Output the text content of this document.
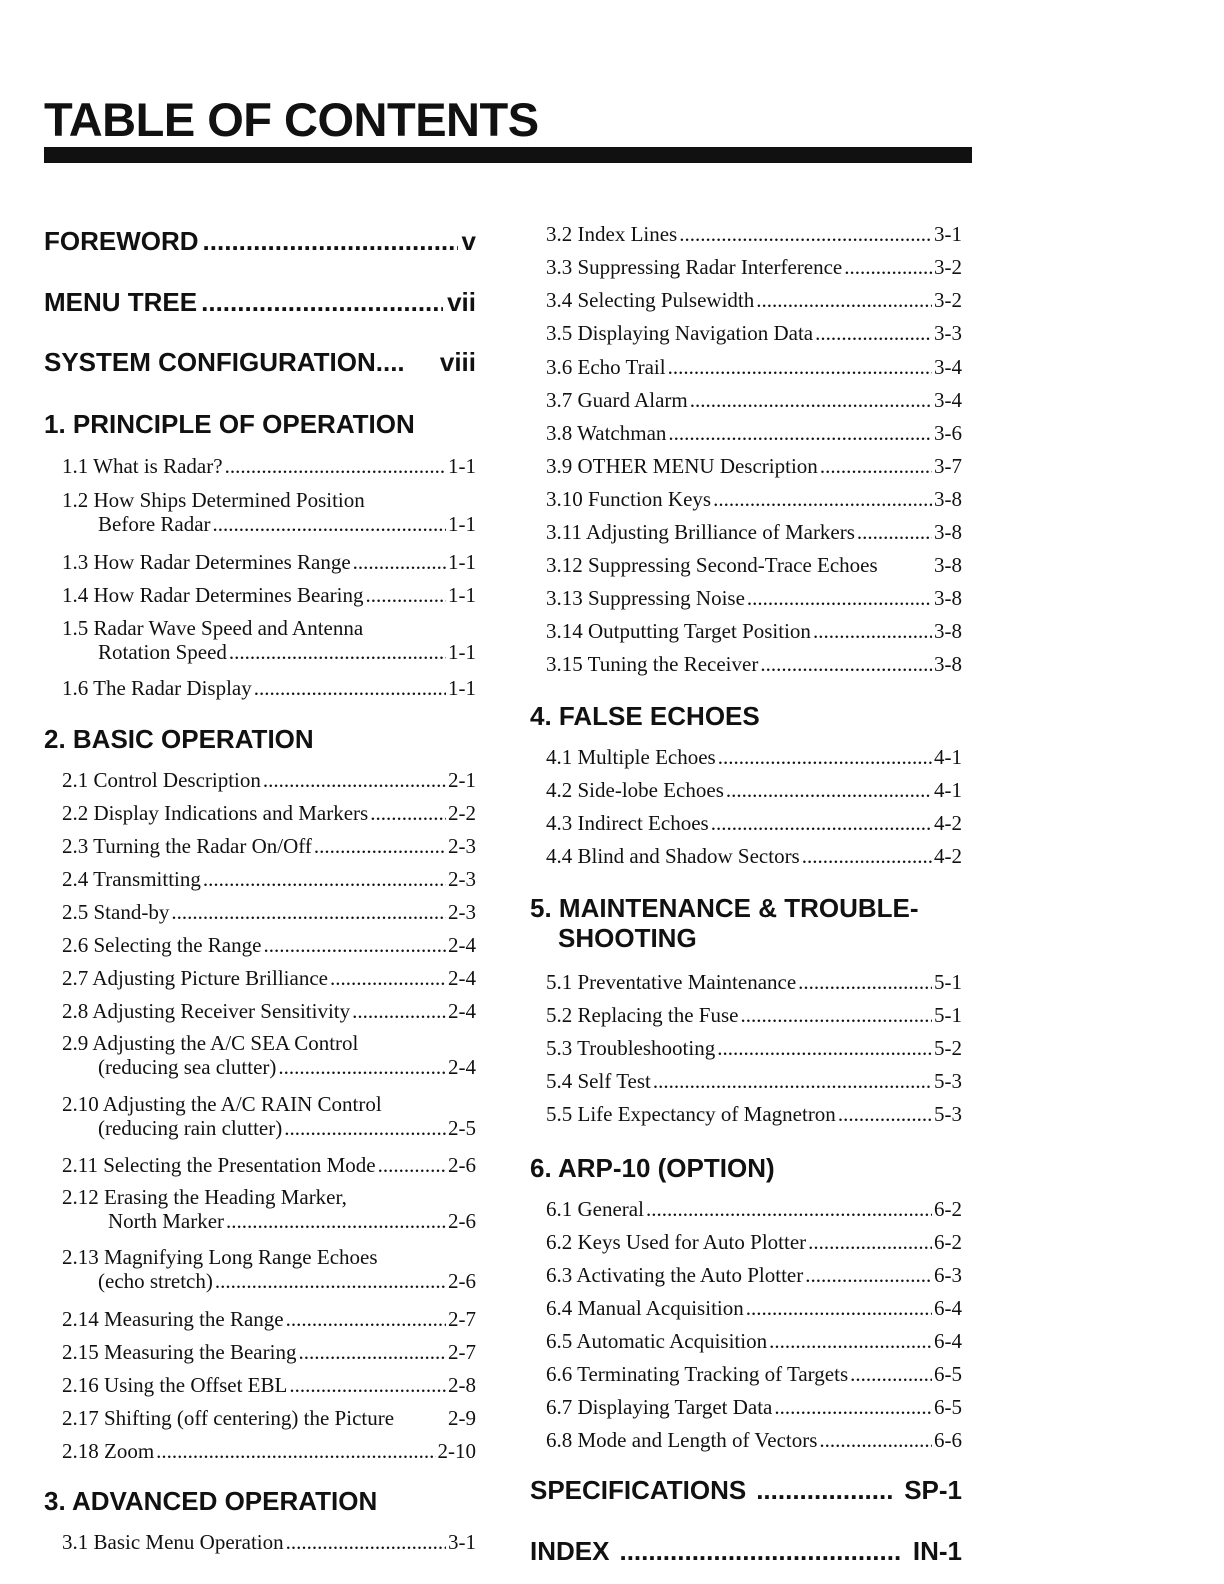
TABLE OF CONTENTS
FOREWORD .....	v
MENU TREE .....	vii
SYSTEM CONFIGURATION.... viii
1. PRINCIPLE OF OPERATION
1.1 What is Radar? .....	1-1
1.2 How Ships Determined Position
Before Radar .....	1-1
1.3 How Radar Determines Range .....	1-1
1.4 How Radar Determines Bearing .....	1-1
1.5 Radar Wave Speed and Antenna
Rotation Speed .....	1-1
1.6 The Radar Display .....	1-1
2. BASIC OPERATION
2.1 Control Description .....	2-1
2.2 Display Indications and Markers .....	2-2
2.3 Turning the Radar On/Off .....	2-3
2.4 Transmitting .....	2-3
2.5 Stand-by .....	2-3
2.6 Selecting the Range .....	2-4
2.7 Adjusting Picture Brilliance .....	2-4
2.8 Adjusting Receiver Sensitivity .....	2-4
2.9 Adjusting the A/C SEA Control
(reducing sea clutter) .....	2-4
2.10 Adjusting the A/C RAIN Control
(reducing rain clutter) .....	2-5
2.11 Selecting the Presentation Mode .....	2-6
2.12 Erasing the Heading Marker,
North Marker .....	2-6
2.13 Magnifying Long Range Echoes
(echo stretch) .....	2-6
2.14 Measuring the Range .....	2-7
2.15 Measuring the Bearing .....	2-7
2.16 Using the Offset EBL .....	2-8
2.17 Shifting (off centering) the Picture	2-9
2.18 Zoom .....	2-10
3. ADVANCED OPERATION
3.1 Basic Menu Operation .....	3-1
3.2 Index Lines .....	3-1
3.3 Suppressing Radar Interference .....	3-2
3.4 Selecting Pulsewidth .....	3-2
3.5 Displaying Navigation Data .....	3-3
3.6 Echo Trail .....	3-4
3.7 Guard Alarm .....	3-4
3.8 Watchman .....	3-6
3.9 OTHER MENU Description .....	3-7
3.10 Function Keys .....	3-8
3.11 Adjusting Brilliance of Markers .....	3-8
3.12 Suppressing Second-Trace Echoes	3-8
3.13 Suppressing Noise .....	3-8
3.14 Outputting Target Position .....	3-8
3.15 Tuning the Receiver .....	3-8
4. FALSE ECHOES
4.1 Multiple Echoes .....	4-1
4.2 Side-lobe Echoes .....	4-1
4.3 Indirect Echoes .....	4-2
4.4 Blind and Shadow Sectors .....	4-2
5. MAINTENANCE & TROUBLE-
SHOOTING
5.1 Preventative Maintenance .....	5-1
5.2 Replacing the Fuse .....	5-1
5.3 Troubleshooting .....	5-2
5.4 Self Test .....	5-3
5.5 Life Expectancy of Magnetron .....	5-3
6. ARP-10 (OPTION)
6.1 General .....	6-2
6.2 Keys Used for Auto Plotter .....	6-2
6.3 Activating the Auto Plotter .....	6-3
6.4 Manual Acquisition .....	6-4
6.5 Automatic Acquisition .....	6-4
6.6 Terminating Tracking of Targets .....	6-5
6.7 Displaying Target Data .....	6-5
6.8 Mode and Length of Vectors .....	6-6
SPECIFICATIONS .....	SP-1
INDEX .....	IN-1
